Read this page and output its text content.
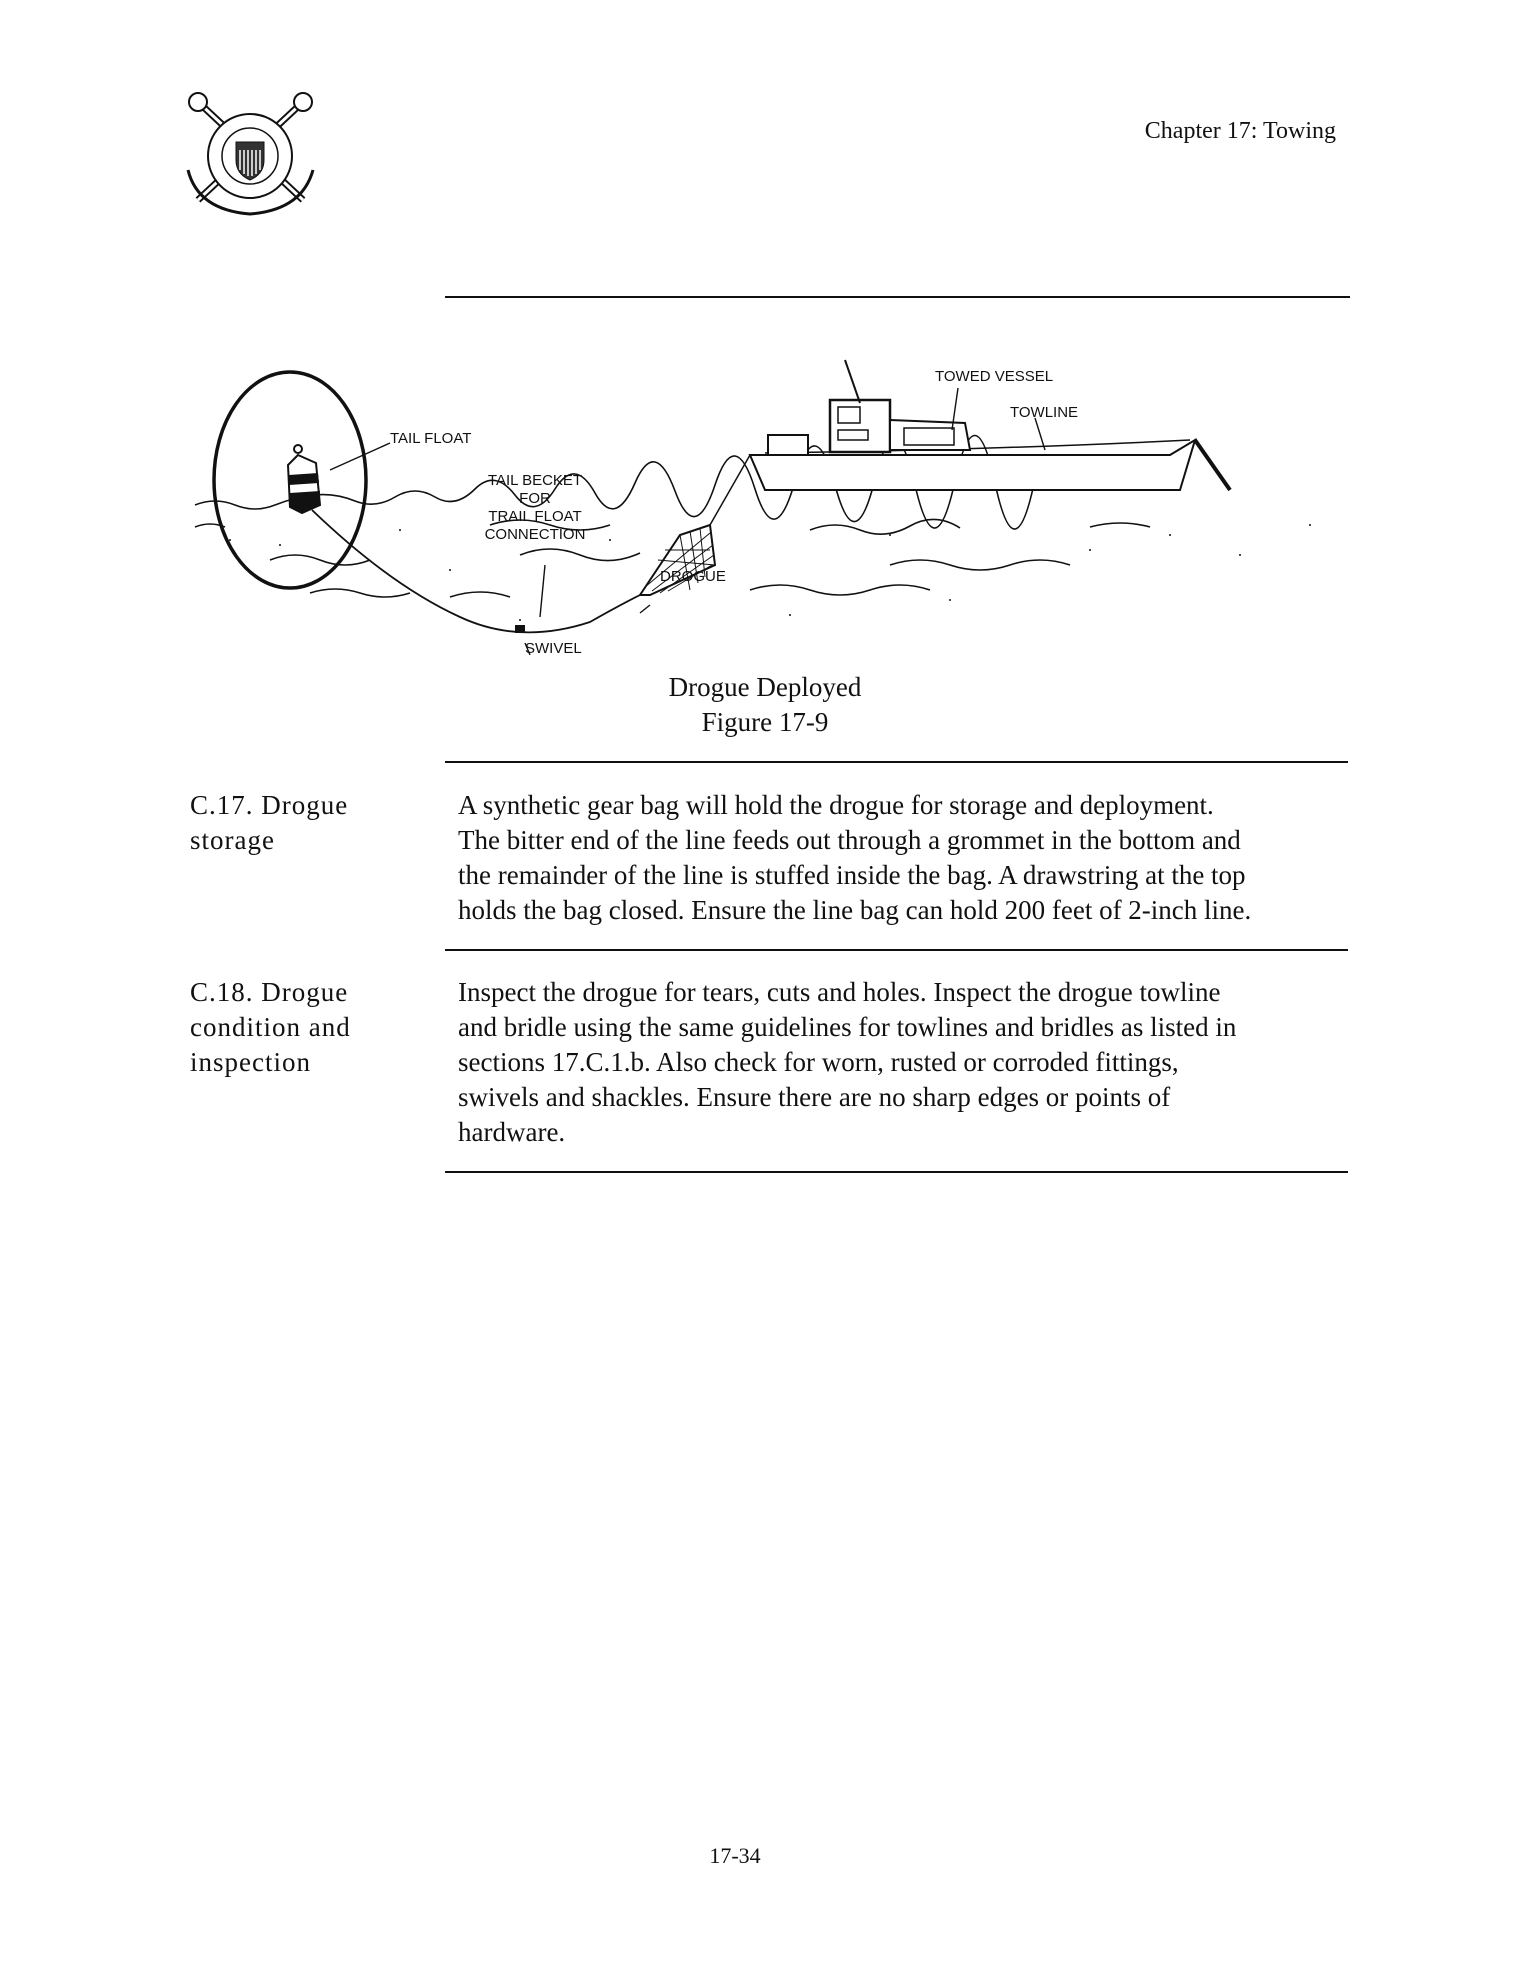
Chapter 17: Towing
TAIL FLOAT
TOWED VESSEL
TOWLINE
TAIL BECKET
FOR
TRAIL FLOAT
CONNECTION
DROGUE
SWIVEL
Drogue Deployed
Figure 17-9
C.17. Drogue
storage
A synthetic gear bag will hold the drogue for storage and deployment.
The bitter end of the line feeds out through a grommet in the bottom and
the remainder of the line is stuffed inside the bag. A drawstring at the top
holds the bag closed. Ensure the line bag can hold 200 feet of 2-inch line.
C.18. Drogue
condition and
inspection
Inspect the drogue for tears, cuts and holes. Inspect the drogue towline
and bridle using the same guidelines for towlines and bridles as listed in
sections 17.C.1.b. Also check for worn, rusted or corroded fittings,
swivels and shackles. Ensure there are no sharp edges or points of
hardware.
17-34
